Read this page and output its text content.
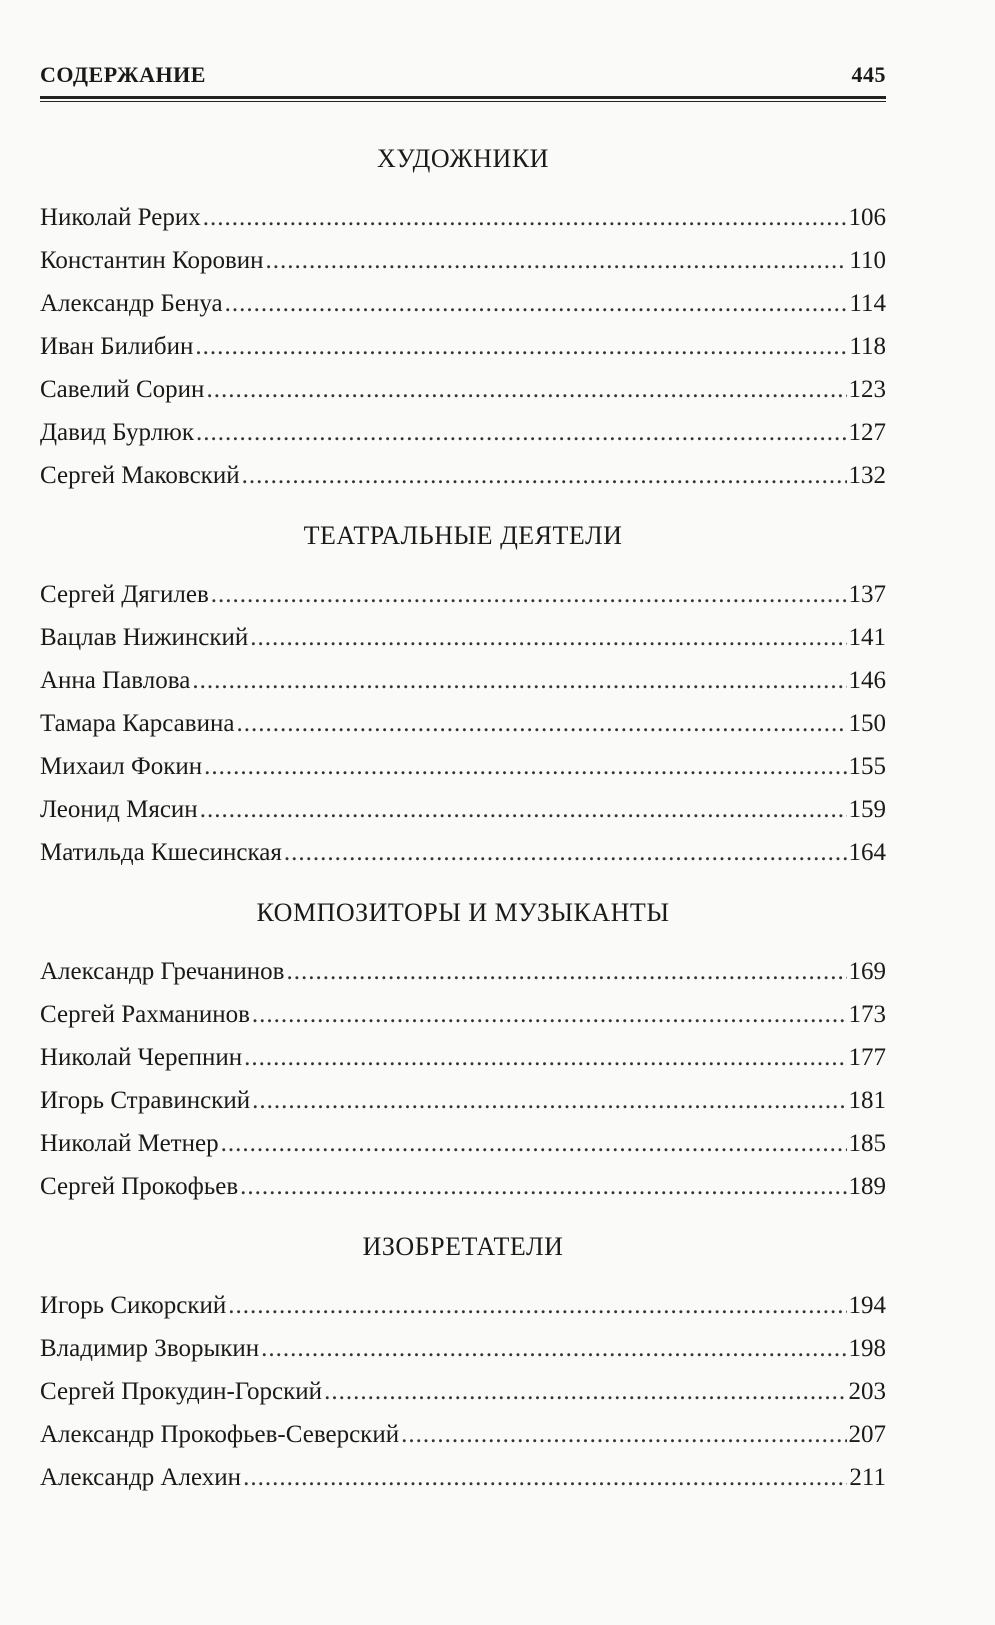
СОДЕРЖАНИЕ	445
ХУДОЖНИКИ
Николай Рерих .....	106
Константин Коровин .....	110
Александр Бенуа .....	114
Иван Билибин .....	118
Савелий Сорин .....	123
Давид Бурлюк .....	127
Сергей Маковский .....	132
ТЕАТРАЛЬНЫЕ ДЕЯТЕЛИ
Сергей Дягилев .....	137
Вацлав Нижинский .....	141
Анна Павлова .....	146
Тамара Карсавина .....	150
Михаил Фокин .....	155
Леонид Мясин .....	159
Матильда Кшесинская .....	164
КОМПОЗИТОРЫ И МУЗЫКАНТЫ
Александр Гречанинов .....	169
Сергей Рахманинов .....	173
Николай Черепнин .....	177
Игорь Стравинский .....	181
Николай Метнер .....	185
Сергей Прокофьев .....	189
ИЗОБРЕТАТЕЛИ
Игорь Сикорский .....	194
Владимир Зворыкин .....	198
Сергей Прокудин-Горский .....	203
Александр Прокофьев-Северский .....	207
Александр Алехин .....	211
